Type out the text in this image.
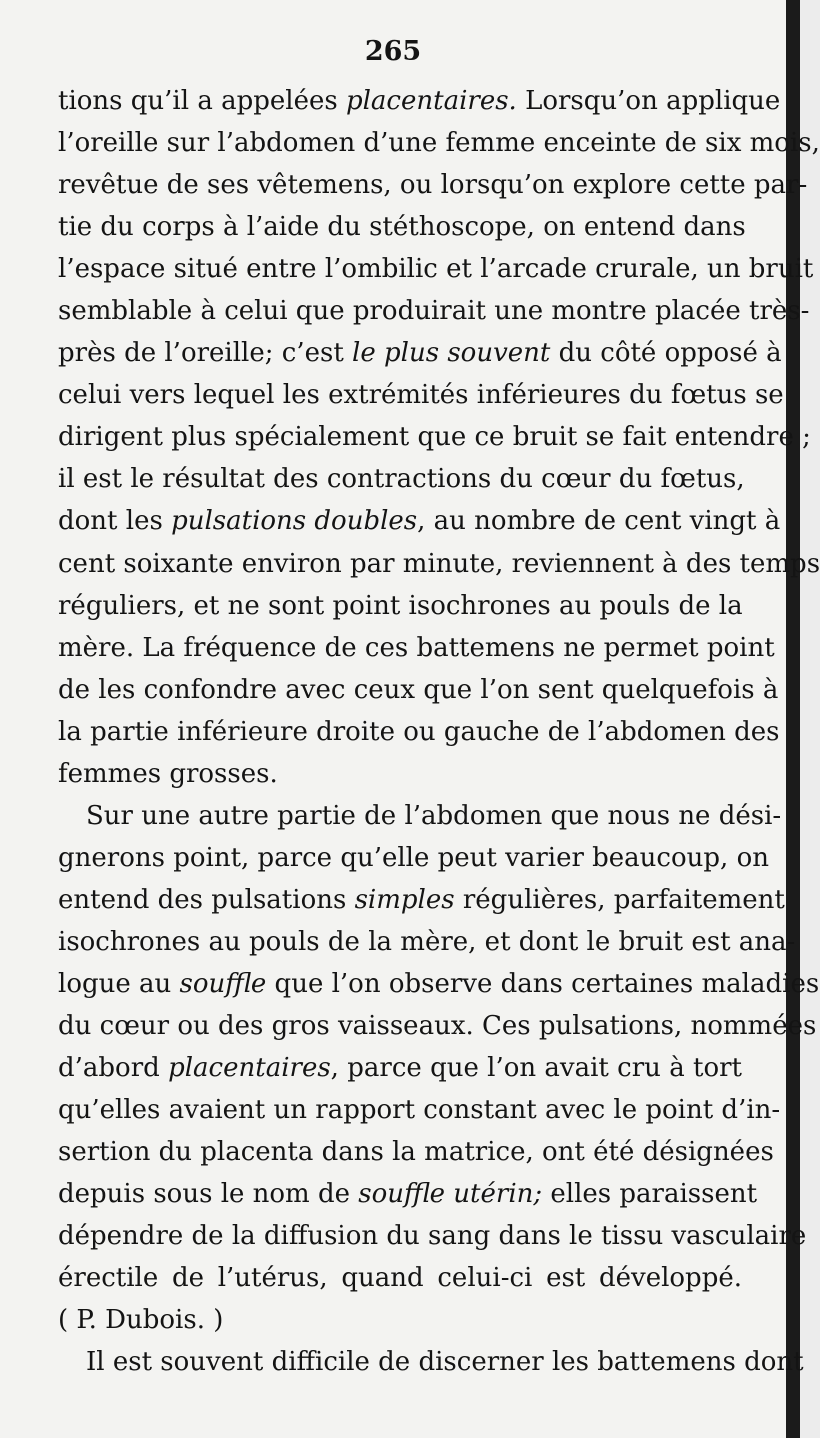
265
tions qu’il a appelées placentaires. Lorsqu’on applique
l’oreille sur l’abdomen d’une femme enceinte de six mois,
revêtue de ses vêtemens, ou lorsqu’on explore cette par-
tie du corps à l’aide du stéthoscope, on entend dans
l’espace situé entre l’ombilic et l’arcade crurale, un bruit
semblable à celui que produirait une montre placée très-
près de l’oreille; c’est le plus souvent du côté opposé à
celui vers lequel les extrémités inférieures du fœtus se
dirigent plus spécialement que ce bruit se fait entendre ;
il est le résultat des contractions du cœur du fœtus,
dont les pulsations doubles, au nombre de cent vingt à
cent soixante environ par minute, reviennent à des temps
réguliers, et ne sont point isochrones au pouls de la
mère. La fréquence de ces battemens ne permet point
de les confondre avec ceux que l’on sent quelquefois à
la partie inférieure droite ou gauche de l’abdomen des
femmes grosses.
Sur une autre partie de l’abdomen que nous ne dési-
gnerons point, parce qu’elle peut varier beaucoup, on
entend des pulsations simples régulières, parfaitement
isochrones au pouls de la mère, et dont le bruit est ana-
logue au souffle que l’on observe dans certaines maladies
du cœur ou des gros vaisseaux. Ces pulsations, nommées
d’abord placentaires, parce que l’on avait cru à tort
qu’elles avaient un rapport constant avec le point d’in-
sertion du placenta dans la matrice, ont été désignées
depuis sous le nom de souffle utérin; elles paraissent
dépendre de la diffusion du sang dans le tissu vasculaire
érectile de l’utérus, quand celui-ci est développé.
( P. Dubois. )
Il est souvent difficile de discerner les battemens dont
